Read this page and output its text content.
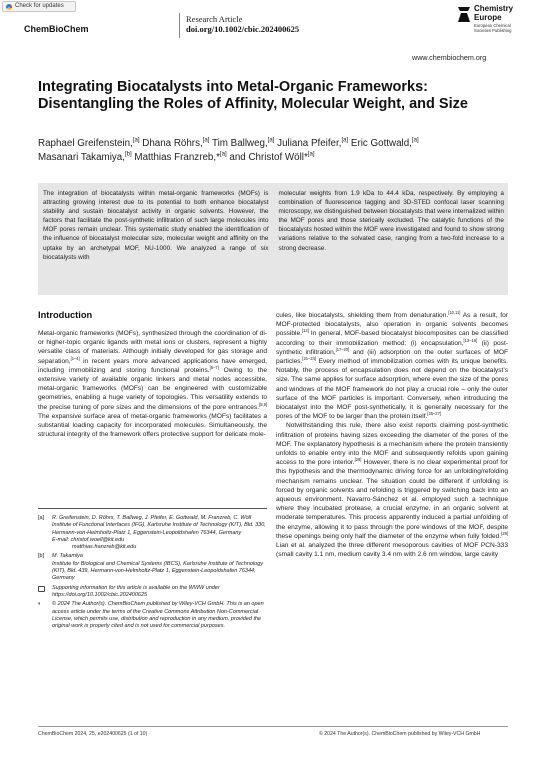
Check for updates
ChemBioChem
Research Article
doi.org/10.1002/cbic.202400625
Chemistry
Europe
European Chemical
Societies Publishing
www.chembiochem.org
Integrating Biocatalysts into Metal-Organic Frameworks: Disentangling the Roles of Affinity, Molecular Weight, and Size
Raphael Greifenstein,[a] Dhana Röhrs,[a] Tim Ballweg,[a] Juliana Pfeifer,[a] Eric Gottwald,[a]
Masanari Takamiya,[b] Matthias Franzreb,*[a] and Christof Wöll*[a]
The integration of biocatalysts within metal-organic frameworks (MOFs) is attracting growing interest due to its potential to both enhance biocatalyst stability and sustain biocatalyst activity in organic solvents. However, the factors that facilitate the post-synthetic infiltration of such large molecules into MOF pores remain unclear. This systematic study enabled the identification of the influence of biocatalyst molecular size, molecular weight and affinity on the uptake by an archetypal MOF, NU-1000. We analyzed a range of six biocatalysts with
molecular weights from 1.9 kDa to 44.4 kDa, respectively. By employing a combination of fluorescence tagging and 3D-STED confocal laser scanning microscopy, we distinguished between biocatalysts that were internalized within the MOF pores and those sterically excluded. The catalytic functions of the biocatalysts hosted within the MOF were investigated and found to show strong variations relative to the solvated case, ranging from a two-fold increase to a strong decrease.
Introduction

Metal-organic frameworks (MOFs), synthesized through the coordination of di- or higher-topic organic ligands with metal ions or clusters, represent a highly versatile class of materials. Although initially developed for gas storage and separation,[1–4] in recent years more advanced applications have emerged, including immobilizing and storing functional proteins.[5–7] Owing to the extensive variety of available organic linkers and metal nodes accessible, metal-organic frameworks (MOFs) can be engineered with customizable geometries, enabling a huge variety of topologies. This versatility extends to the precise tuning of pore sizes and the dimensions of the pore entrances.[8,9] The expansive surface area of metal-organic frameworks (MOFs) facilitates a substantial loading capacity for incorporated molecules. Simultaneously, the structural integrity of the framework offers protective support for delicate mole-

cules, like biocatalysts, shielding them from denaturation.[10,11] As a result, for MOF-protected biocatalysts, also operation in organic solvents becomes possible.[12] In general, MOF-based biocatalyst biocomposites can be classified according to their immobilization method; (i) encapsulation,[13–16] (ii) post-synthetic infiltration,[17–20] and (iii) adsorption on the outer surfaces of MOF particles.[21–24] Every method of immobilization comes with its unique benefits. Notably, the process of encapsulation does not depend on the biocatalyst’s size. The same applies for surface adsorption, where even the size of the pores and windows of the MOF framework do not play a crucial role – only the outer surface of the MOF particles is important. Conversely, when introducing the biocatalyst into the MOF post-synthetically, it is generally necessary for the pores of the MOF to be larger than the protein itself.[25–27]

Notwithstanding this rule, there also exist reports claiming post-synthetic infiltration of proteins having sizes exceeding the diameter of the pores of the MOF. The explanatory hypothesis is a mechanism where the protein transiently unfolds to enable entry into the MOF and subsequently refolds upon gaining access to the pore interior.[28] However, there is no clear experimental proof for this hypothesis and the thermodynamic driving force for an unfolding/refolding mechanism remains unclear. The situation could be different if unfolding is forced by organic solvents and refolding is triggered by switching back into an aqueous environment. Navarro-Sánchez et al. employed such a technique where they incubated protease, a crucial enzyme, in an organic solvent at moderate temperatures. This process apparently induced a partial unfolding of the enzyme, allowing it to pass through the pore windows of the MOF, despite these openings being only half the diameter of the enzyme when fully folded.[29] Lian et al. analyzed the three different mesoporous cavities of MOF PCN-333 (small cavity 1.1 nm, medium cavity 3.4 nm with 2.6 nm window, large cavity

[a]	R. Greifenstein, D. Röhrs, T. Ballweg, J. Pfeifer, E. Gottwald, M. Franzreb, C. Wöll
Institute of Functional Interfaces (IFG), Karlsruhe Institute of Technology (KIT), Bld. 330, Hermann-von-Helmholtz-Platz 1, Eggenstein-Leopoldshafen 76344, Germany
E-mail: christof.woell@kit.edu
matthias.franzreb@kit.edu
[b]	M. Takamiya
Institute for Biological and Chemical Systems (IBCS), Karlsruhe Institute of Technology (KIT), Bld. 439, Hermann-von-Helmholtz-Platz 1, Eggenstein-Leopoldshafen 76344, Germany
Supporting information for this article is available on the WWW under https://doi.org/10.1002/cbic.202400625
◐	© 2024 The Author(s). ChemBioChem published by Wiley-VCH GmbH. This is an open access article under the terms of the Creative Commons Attribution Non-Commercial License, which permits use, distribution and reproduction in any medium, provided the original work is properly cited and is not used for commercial purposes.
ChemBioChem 2024, 25, e202400625 (1 of 10)	© 2024 The Author(s). ChemBioChem published by Wiley-VCH GmbH
